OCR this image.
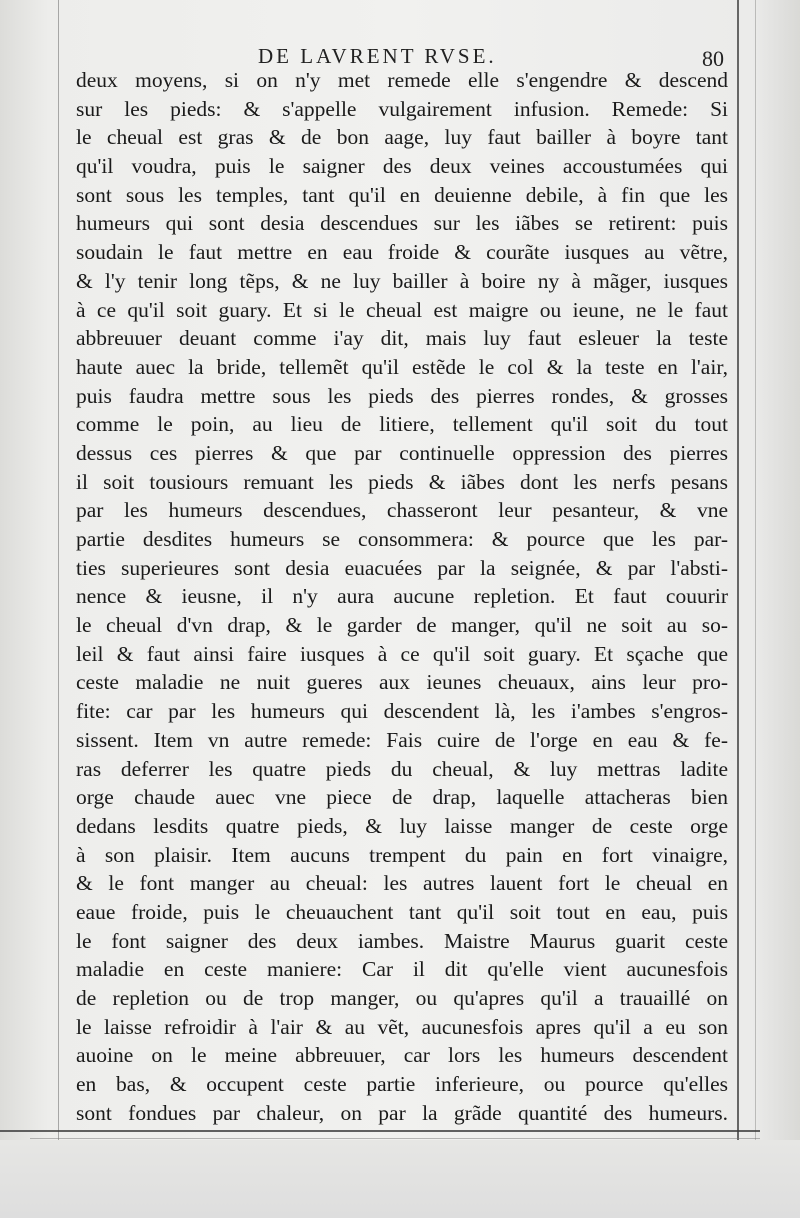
DE LAVRENT RVSE.	80
deux moyens, si on n'y met remede elle s'engendre & descend
sur les pieds: & s'appelle vulgairement infusion. Remede: Si
le cheual est gras & de bon aage, luy faut bailler à boyre tant
qu'il voudra, puis le saigner des deux veines accoustumées qui
sont sous les temples, tant qu'il en deuienne debile, à fin que les
humeurs qui sont desia descendues sur les iãbes se retirent: puis
soudain le faut mettre en eau froide & courãte iusques au vẽtre,
& l'y tenir long tẽps, & ne luy bailler à boire ny à mãger, iusques
à ce qu'il soit guary. Et si le cheual est maigre ou ieune, ne le faut
abbreuuer deuant comme i'ay dit, mais luy faut esleuer la teste
haute auec la bride, tellemẽt qu'il estẽde le col & la teste en l'air,
puis faudra mettre sous les pieds des pierres rondes, & grosses
comme le poin, au lieu de litiere, tellement qu'il soit du tout
dessus ces pierres & que par continuelle oppression des pierres
il soit tousiours remuant les pieds & iãbes dont les nerfs pesans
par les humeurs descendues, chasseront leur pesanteur, & vne
partie desdites humeurs se consommera: & pource que les par-
ties superieures sont desia euacuées par la seignée, & par l'absti-
nence & ieusne, il n'y aura aucune repletion. Et faut couurir
le cheual d'vn drap, & le garder de manger, qu'il ne soit au so-
leil & faut ainsi faire iusques à ce qu'il soit guary. Et sçache que
ceste maladie ne nuit gueres aux ieunes cheuaux, ains leur pro-
fite: car par les humeurs qui descendent là, les i'ambes s'engros-
sissent. Item vn autre remede: Fais cuire de l'orge en eau & fe-
ras deferrer les quatre pieds du cheual, & luy mettras ladite
orge chaude auec vne piece de drap, laquelle attacheras bien
dedans lesdits quatre pieds, & luy laisse manger de ceste orge
à son plaisir. Item aucuns trempent du pain en fort vinaigre,
& le font manger au cheual: les autres lauent fort le cheual en
eaue froide, puis le cheuauchent tant qu'il soit tout en eau, puis
le font saigner des deux iambes. Maistre Maurus guarit ceste
maladie en ceste maniere: Car il dit qu'elle vient aucunesfois
de repletion ou de trop manger, ou qu'apres qu'il a trauaillé on
le laisse refroidir à l'air & au vẽt, aucunesfois apres qu'il a eu son
auoine on le meine abbreuuer, car lors les humeurs descendent
en bas, & occupent ceste partie inferieure, ou pource qu'elles
sont fondues par chaleur, on par la grãde quantité des humeurs.
